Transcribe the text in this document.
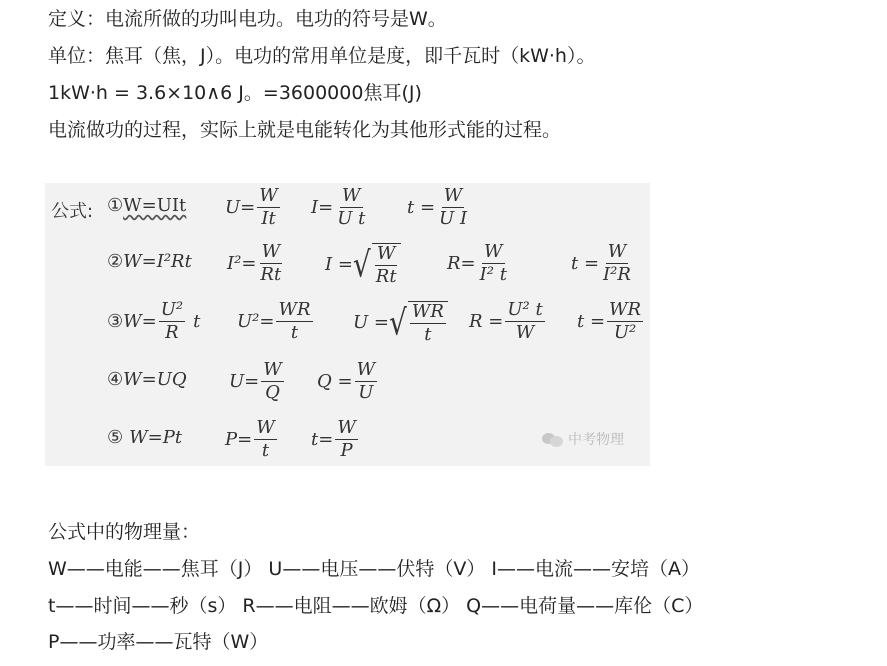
定义：电流所做的功叫电功。电功的符号是W。

单位：焦耳（焦，J）。电功的常用单位是度，即千瓦时（kW·h）。

1kW·h = 3.6×10∧6 J。=3600000焦耳(J)

电流做功的过程，实际上就是电能转化为其他形式能的过程。

公式: ① W=UIt $U= \frac{W}{It} I= \frac{W}{\text{U t}}$ $t = \frac{W}{\text{U I}}$
② W=I²Rt $I^2= \frac{W}{Rt}$ I = √ $\frac{W}{Rt}$	$R= \frac{W}{\text{I² t}}$	$t = \frac{W}{\text{I²R}}$
③ $W= \frac{\text{U²}}{R}$ t $U^2= \frac{WR}{t}$ U = √ $\frac{WR}{t}$ $R = \frac{\text{U² t}}{W}$ $t = \frac{WR}{\text{U²}}$
④ W=UQ $U= \frac{W}{Q}$ $Q = \frac{W}{U}$
⑤ W=Pt $P= \frac{W}{t} t= \frac{W}{P}$	中考物理

公式中的物理量：

W——电能——焦耳（J） U——电压——伏特（V） I——电流——安培（A）

t——时间——秒（s） R——电阻——欧姆（Ω） Q——电荷量——库伦（C）

P——功率——瓦特（W）
